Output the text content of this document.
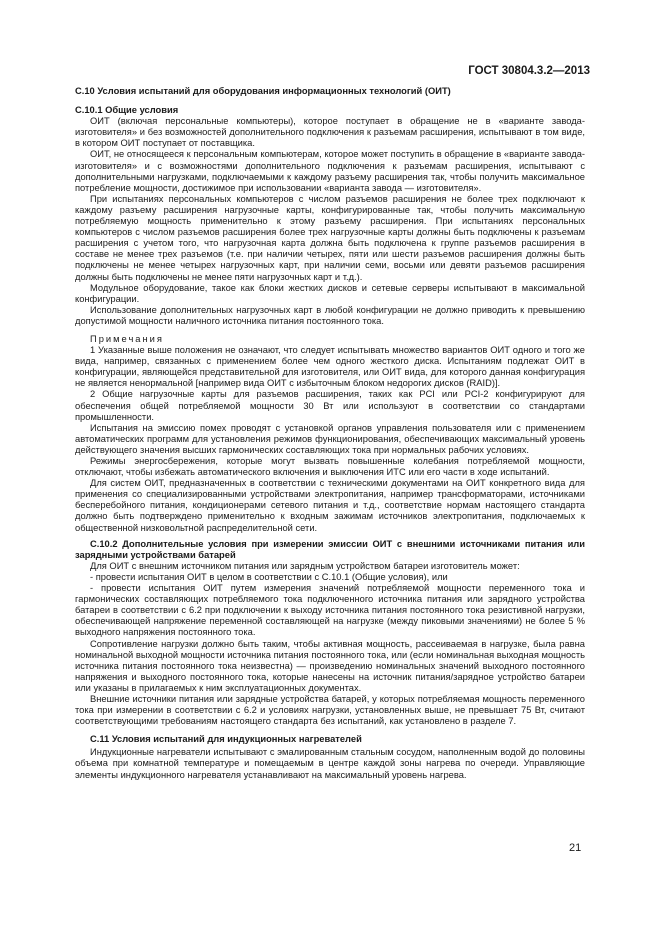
ГОСТ 30804.3.2—2013

С.10 Условия испытаний для оборудования информационных технологий (ОИТ)

С.10.1 Общие условия

ОИТ (включая персональные компьютеры), которое поступает в обращение не в «варианте завода-изготовителя» и без возможностей дополнительного подключения к разъемам расширения, испытывают в том виде, в котором ОИТ поступает от поставщика.

ОИТ, не относящееся к персональным компьютерам, которое может поступить в обращение в «варианте завода-изготовителя» и с возможностями дополнительного подключения к разъемам расширения, испытывают с дополнительными нагрузками, подключаемыми к каждому разъему расширения так, чтобы получить максимальное потребление мощности, достижимое при использовании «варианта завода — изготовителя».

При испытаниях персональных компьютеров с числом разъемов расширения не более трех подключают к каждому разъему расширения нагрузочные карты, конфигурированные так, чтобы получить максимальную потребляемую мощность применительно к этому разъему расширения. При испытаниях персональных компьютеров с числом разъемов расширения более трех нагрузочные карты должны быть подключены к разъемам расширения с учетом того, что нагрузочная карта должна быть подключена к группе разъемов расширения в составе не менее трех разъемов (т.е. при наличии четырех, пяти или шести разъемов расширения должны быть подключены не менее четырех нагрузочных карт, при наличии семи, восьми или девяти разъемов расширения должны быть подключены не менее пяти нагрузочных карт и т.д.).

Модульное оборудование, такое как блоки жестких дисков и сетевые серверы испытывают в максимальной конфигурации.

Использование дополнительных нагрузочных карт в любой конфигурации не должно приводить к превышению допустимой мощности наличного источника питания постоянного тока.

Примечания

1 Указанные выше положения не означают, что следует испытывать множество вариантов ОИТ одного и того же вида, например, связанных с применением более чем одного жесткого диска. Испытаниям подлежат ОИТ в конфигурации, являющейся представительной для изготовителя, или ОИТ вида, для которого данная конфигурация не является ненормальной [например вида ОИТ с избыточным блоком недорогих дисков (RAID)].

2 Общие нагрузочные карты для разъемов расширения, таких как PCI или PCI-2 конфигурируют для обеспечения общей потребляемой мощности 30 Вт или используют в соответствии со стандартами промышленности.

Испытания на эмиссию помех проводят с установкой органов управления пользователя или с применением автоматических программ для установления режимов функционирования, обеспечивающих максимальный уровень действующего значения высших гармонических составляющих тока при нормальных рабочих условиях.

Режимы энергосбережения, которые могут вызвать повышенные колебания потребляемой мощности, отключают, чтобы избежать автоматического включения и выключения ИТС или его части в ходе испытаний.

Для систем ОИТ, предназначенных в соответствии с техническими документами на ОИТ конкретного вида для применения со специализированными устройствами электропитания, например трансформаторами, источниками бесперебойного питания, кондиционерами сетевого питания и т.д., соответствие нормам настоящего стандарта должно быть подтверждено применительно к входным зажимам источников электропитания, подключаемых к общественной низковольтной распределительной сети.

С.10.2 Дополнительные условия при измерении эмиссии ОИТ с внешними источниками питания или зарядными устройствами батарей

Для ОИТ с внешним источником питания или зарядным устройством батареи изготовитель может:

- провести испытания ОИТ в целом в соответствии с С.10.1 (Общие условия), или

- провести испытания ОИТ путем измерения значений потребляемой мощности переменного тока и гармонических составляющих потребляемого тока подключенного источника питания или зарядного устройства батареи в соответствии с 6.2 при подключении к выходу источника питания постоянного тока резистивной нагрузки, обеспечивающей напряжение переменной составляющей на нагрузке (между пиковыми значениями) не более 5 % выходного напряжения постоянного тока.

Сопротивление нагрузки должно быть таким, чтобы активная мощность, рассеиваемая в нагрузке, была равна номинальной выходной мощности источника питания постоянного тока, или (если номинальная выходная мощность источника питания постоянного тока неизвестна) — произведению номинальных значений выходного постоянного напряжения и выходного постоянного тока, которые нанесены на источник питания/зарядное устройство батареи или указаны в прилагаемых к ним эксплуатационных документах.

Внешние источники питания или зарядные устройства батарей, у которых потребляемая мощность переменного тока при измерении в соответствии с 6.2 и условиях нагрузки, установленных выше, не превышает 75 Вт, считают соответствующими требованиям настоящего стандарта без испытаний, как установлено в разделе 7.

С.11 Условия испытаний для индукционных нагревателей

Индукционные нагреватели испытывают с эмалированным стальным сосудом, наполненным водой до половины объема при комнатной температуре и помещаемым в центре каждой зоны нагрева по очереди. Управляющие элементы индукционного нагревателя устанавливают на максимальный уровень нагрева.

21
